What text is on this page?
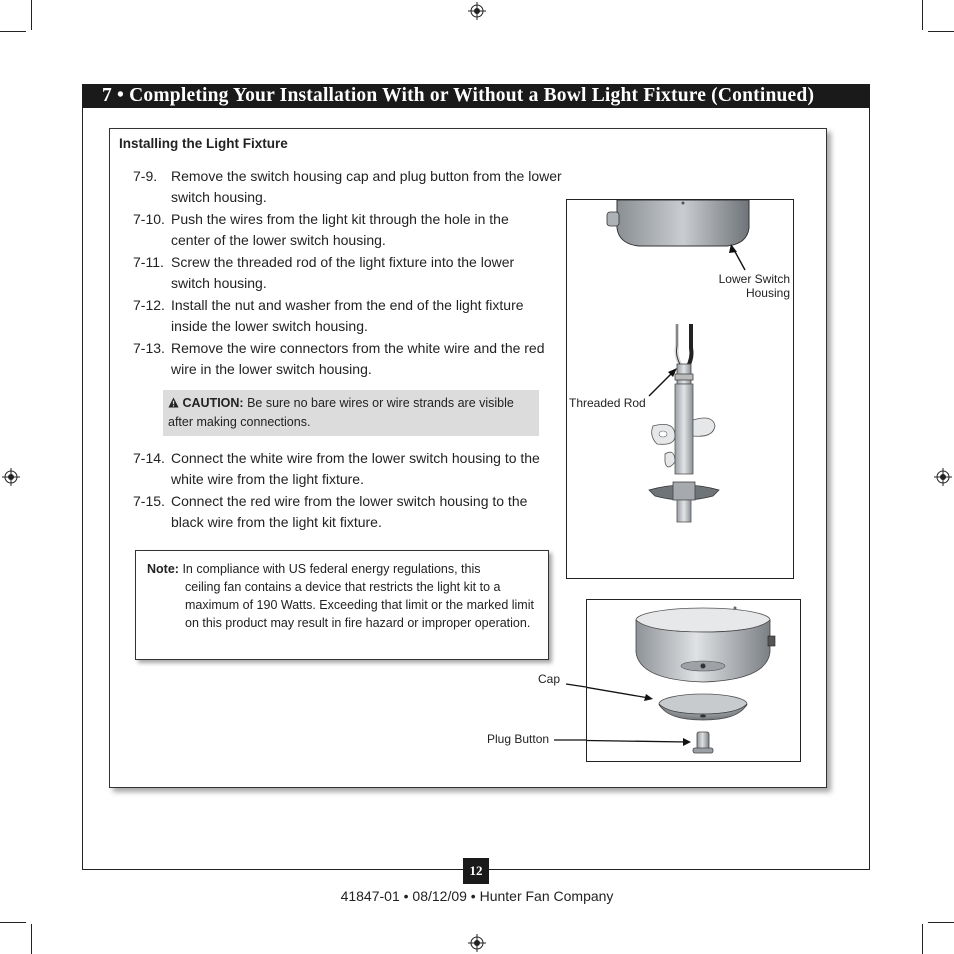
7 • Completing Your Installation With or Without a Bowl Light Fixture (Continued)
Installing the Light Fixture
7-9. Remove the switch housing cap and plug button from the lower switch housing.
7-10. Push the wires from the light kit through the hole in the center of the lower switch housing.
7-11. Screw the threaded rod of the light fixture into the lower switch housing.
7-12. Install the nut and washer from the end of the light fixture inside the lower switch housing.
7-13. Remove the wire connectors from the white wire and the red wire in the lower switch housing.
CAUTION: Be sure no bare wires or wire strands are visible after making connections.
7-14. Connect the white wire from the lower switch housing to the white wire from the light fixture.
7-15. Connect the red wire from the lower switch housing to the black wire from the light kit fixture.
Note: In compliance with US federal energy regulations, this
ceiling fan contains a device that restricts the light kit to a maximum of 190 Watts. Exceeding that limit or the marked limit on this product may result in fire hazard or improper operation.
Lower Switch
Housing
Threaded Rod
Cap
Plug Button
12
41847-01 • 08/12/09 • Hunter Fan Company
